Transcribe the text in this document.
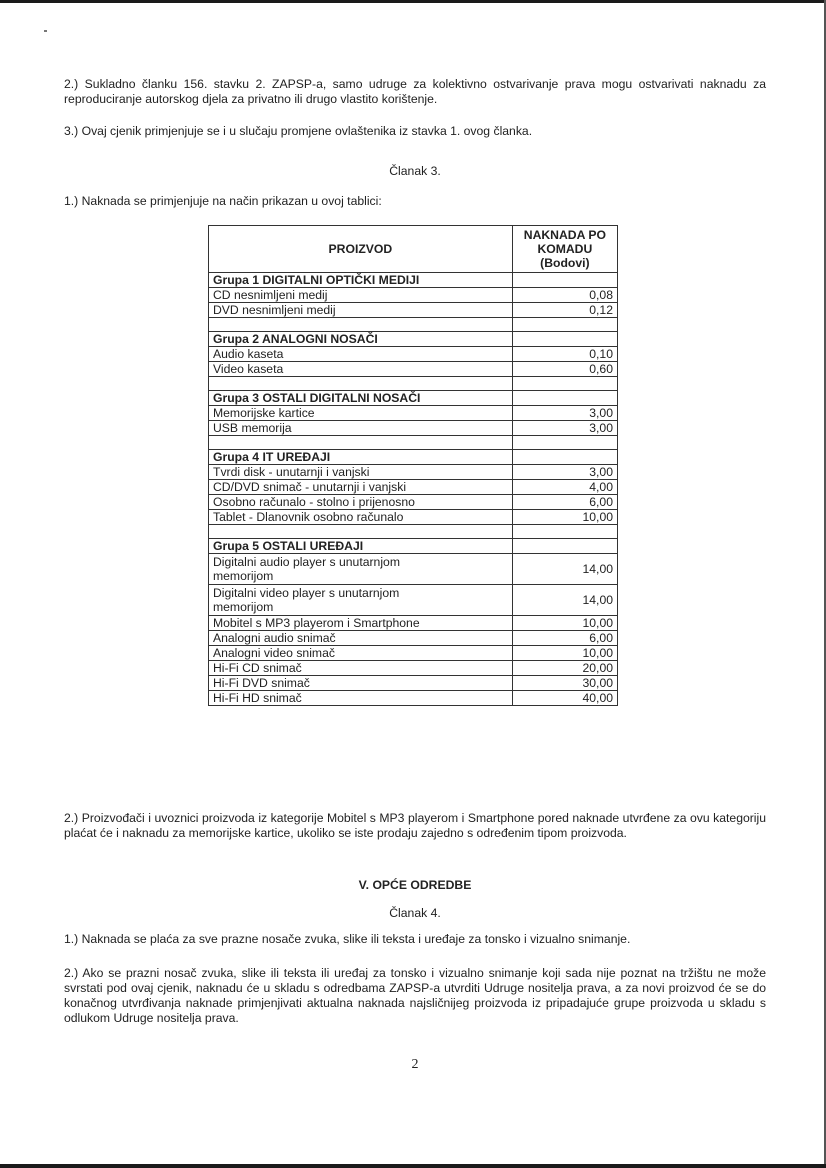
2.) Sukladno članku 156. stavku 2. ZAPSP-a, samo udruge za kolektivno ostvarivanje prava mogu ostvarivati naknadu za reproduciranje autorskog djela za privatno ili drugo vlastito korištenje.

3.) Ovaj cjenik primjenjuje se i u slučaju promjene ovlaštenika iz stavka 1. ovog članka.

Članak 3.

1.) Naknada se primjenjuje na način prikazan u ovoj tablici:

PROIZVOD	NAKNADA PO KOMADU (Bodovi)
Grupa 1 DIGITALNI OPTIČKI MEDIJI	
CD nesnimljeni medij	0,08
DVD nesnimljeni medij	0,12

Grupa 2 ANALOGNI NOSAČI	
Audio kaseta	0,10
Video kaseta	0,60

Grupa 3 OSTALI DIGITALNI NOSAČI	
Memorijske kartice	3,00
USB memorija	3,00

Grupa 4 IT UREĐAJI	
Tvrdi disk - unutarnji i vanjski	3,00
CD/DVD snimač - unutarnji i vanjski	4,00
Osobno računalo - stolno i prijenosno	6,00
Tablet - Dlanovnik osobno računalo	10,00

Grupa 5 OSTALI UREĐAJI	
Digitalni audio player s unutarnjom memorijom	14,00
Digitalni video player s unutarnjom memorijom	14,00
Mobitel s MP3 playerom i Smartphone	10,00
Analogni audio snimač	6,00
Analogni video snimač	10,00
Hi-Fi CD snimač	20,00
Hi-Fi DVD snimač	30,00
Hi-Fi HD snimač	40,00

2.) Proizvođači i uvoznici proizvoda iz kategorije Mobitel s MP3 playerom i Smartphone pored naknade utvrđene za ovu kategoriju plaćat će i naknadu za memorijske kartice, ukoliko se iste prodaju zajedno s određenim tipom proizvoda.

V. OPĆE ODREDBE

Članak 4.

1.) Naknada se plaća za sve prazne nosače zvuka, slike ili teksta i uređaje za tonsko i vizualno snimanje.

2.) Ako se prazni nosač zvuka, slike ili teksta ili uređaj za tonsko i vizualno snimanje koji sada nije poznat na tržištu ne može svrstati pod ovaj cjenik, naknadu će u skladu s odredbama ZAPSP-a utvrditi Udruge nositelja prava, a za novi proizvod će se do konačnog utvrđivanja naknade primjenjivati aktualna naknada najsličnijeg proizvoda iz pripadajuće grupe proizvoda u skladu s odlukom Udruge nositelja prava.

2
